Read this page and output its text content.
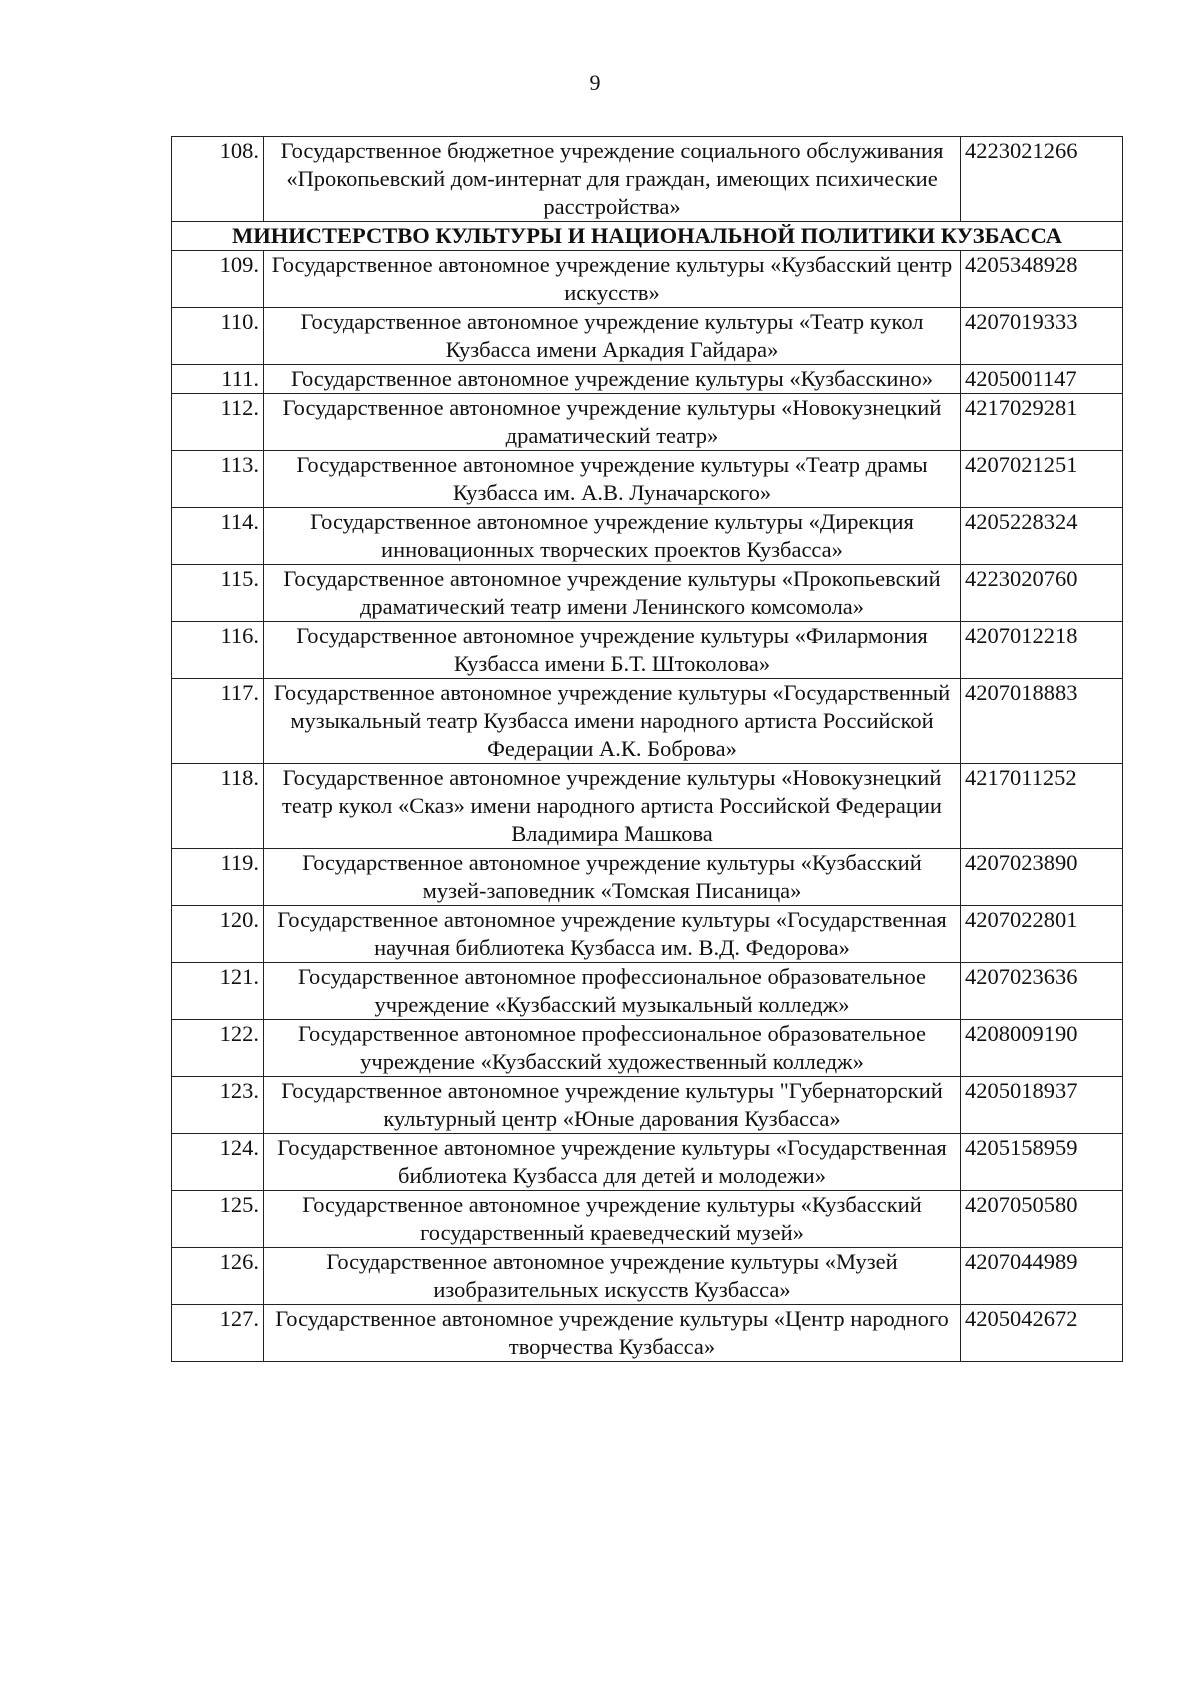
9
108.	Государственное бюджетное учреждение социального обслуживания «Прокопьевский дом-интернат для граждан, имеющих психические расстройства»	4223021266
МИНИСТЕРСТВО КУЛЬТУРЫ И НАЦИОНАЛЬНОЙ ПОЛИТИКИ КУЗБАССА		
109.	Государственное автономное учреждение культуры «Кузбасский центр искусств»	4205348928
110.	Государственное автономное учреждение культуры «Театр кукол Кузбасса имени Аркадия Гайдара»	4207019333
111.	Государственное автономное учреждение культуры «Кузбасскино»	4205001147
112.	Государственное автономное учреждение культуры «Новокузнецкий драматический театр»	4217029281
113.	Государственное автономное учреждение культуры «Театр драмы Кузбасса им. А.В. Луначарского»	4207021251
114.	Государственное автономное учреждение культуры «Дирекция инновационных творческих проектов Кузбасса»	4205228324
115.	Государственное автономное учреждение культуры «Прокопьевский драматический театр имени Ленинского комсомола»	4223020760
116.	Государственное автономное учреждение культуры «Филармония Кузбасса имени Б.Т. Штоколова»	4207012218
117.	Государственное автономное учреждение культуры «Государственный музыкальный театр Кузбасса имени народного артиста Российской Федерации А.К. Боброва»	4207018883
118.	Государственное автономное учреждение культуры «Новокузнецкий театр кукол «Сказ» имени народного артиста Российской Федерации Владимира Машкова	4217011252
119.	Государственное автономное учреждение культуры «Кузбасский музей-заповедник «Томская Писаница»	4207023890
120.	Государственное автономное учреждение культуры «Государственная научная библиотека Кузбасса им. В.Д. Федорова»	4207022801
121.	Государственное автономное профессиональное образовательное учреждение «Кузбасский музыкальный колледж»	4207023636
122.	Государственное автономное профессиональное образовательное учреждение «Кузбасский художественный колледж»	4208009190
123.	Государственное автономное учреждение культуры "Губернаторский культурный центр «Юные дарования Кузбасса»	4205018937
124.	Государственное автономное учреждение культуры «Государственная библиотека Кузбасса для детей и молодежи»	4205158959
125.	Государственное автономное учреждение культуры «Кузбасский государственный краеведческий музей»	4207050580
126.	Государственное автономное учреждение культуры «Музей изобразительных искусств Кузбасса»	4207044989
127.	Государственное автономное учреждение культуры «Центр народного творчества Кузбасса»	4205042672
